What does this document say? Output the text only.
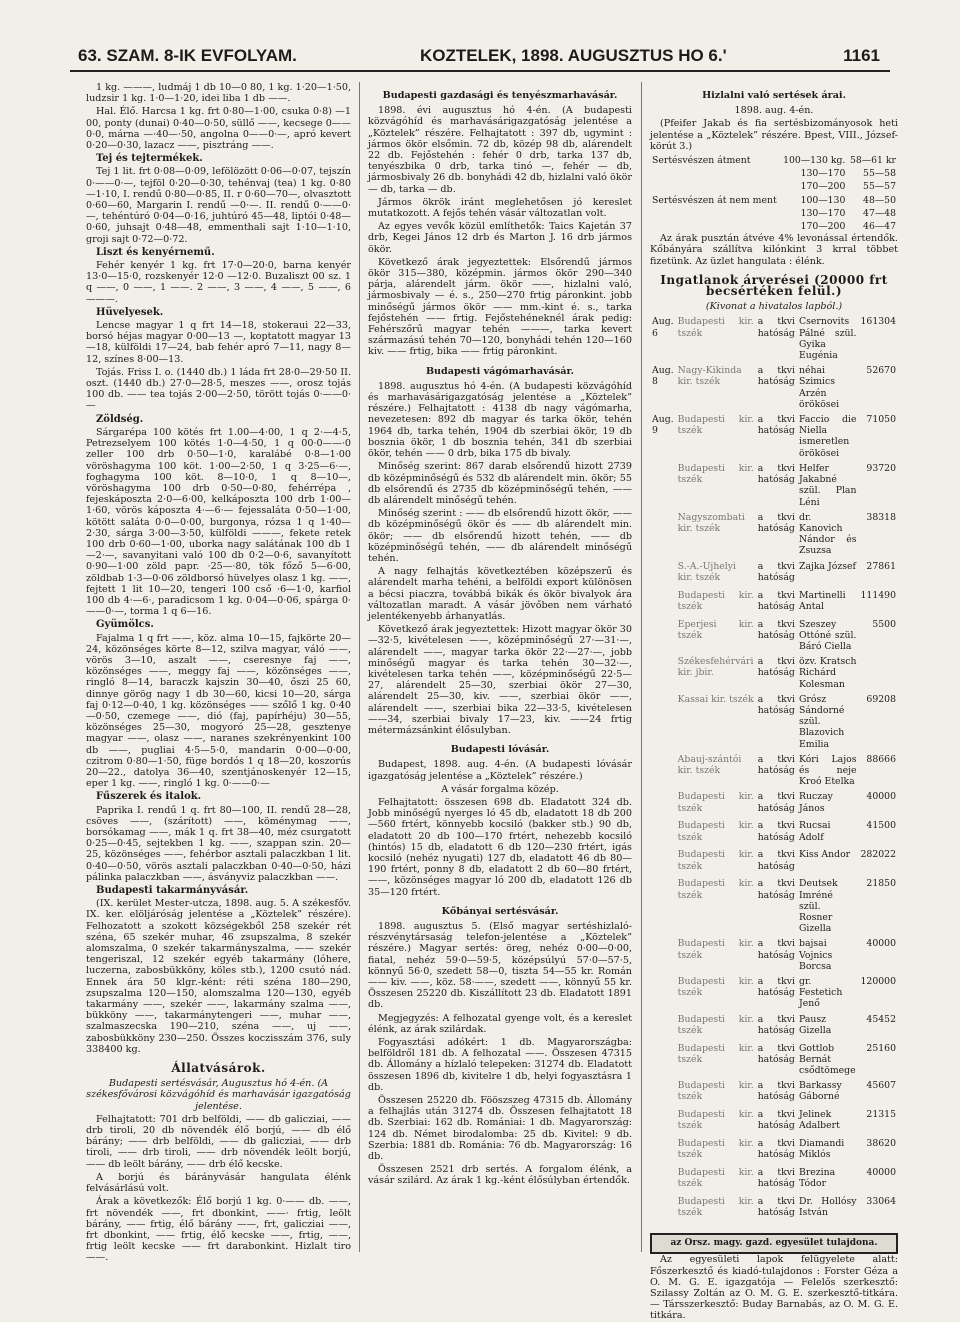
63. SZAM. 8-IK EVFOLYAM.	KOZTELEK, 1898. AUGUSZTUS HO 6.'	1161

1 kg. ———, ludmáj 1 db 10—0 80, 1 kg. 1·20—1·50, ludzsir 1 kg. 1·0—1·20, idei liba 1 db ——.

Hal. Élő. Harcsa 1 kg. frt 0·80—1·00, csuka 0·8) —1 00, ponty (dunai) 0·40—0·50, süllő ——, kecsege 0——0·0, márna —·40—·50, angolna 0——0·—, apró kevert 0·20—0·30, lazacz ——, pisztráng ——.

Tej és tejtermékek.

Tej 1 lit. frt 0·08—0·09, lefölözött 0·06—0·07, tejszín 0·——0·—, tejföl 0·20—0·30, tehénvaj (tea) 1 kg. 0·80—1·10, I. rendű 0·80—0·85, II. r 0·60—70—, olvasztott 0·60—60, Margarin I. rendű —0·—. II. rendű 0·——0·—, tehéntúró 0·04—0·16, juhtúró 45—48, liptói 0·48—0·60, juhsajt 0·48—48, emmenthali sajt 1·10—1·10, groji sajt 0·72—0·72.

Liszt és kenyérnemű.

Fehér kenyér 1 kg. frt 17·0—20·0, barna kenyér 13·0—15·0, rozskenyér 12·0 —12·0. Buzaliszt 00 sz. 1 q ——, 0 ——, 1 ——. 2 ——, 3 ——, 4 ——, 5 ——, 6 ———.

Hüvelyesek.

Lencse magyar 1 q frt 14—18, stokeraui 22—33, borsó héjas magyar 0·00—13 —, koptatott magyar 13—18, külföldi 17—24, bab fehér apró 7—11, nagy 8—12, színes 8·00—13.

Tojás. Friss I. o. (1440 db.) 1 láda frt 28·0—29·50 II. oszt. (1440 db.) 27·0—28·5, meszes ——, orosz tojás 100 db. —— tea tojás 2·00—2·50, törött tojás 0·——0·—

Zöldség.

Sárgarépa 100 kötés frt 1.00—4·00, 1 q 2·—4·5, Petrezselyem 100 kötés 1·0—4·50, 1 q 00·0——·0 zeller 100 drb 0·50—1·0, karalábé 0·8—1·00 vöröshagyma 100 köt. 1·00—2·50, 1 q 3·25—6·—, foghagyma 100 köt. 8—10·0, 1 q 8—10—, vöröshagyma 100 drb 0·50—0·80, fehérrépa , fejeskáposzta 2·0—6·00, kelkáposzta 100 drb 1·00—1·60, vörös káposzta 4·—6·— fejessaláta 0·50—1·00, kötött saláta 0·0—0·00, burgonya, rózsa 1 q 1·40—2·30, sárga 3·00—3·50, külföldi ———, fekete retek 100 drb 0·60—1·00, uborka nagy salátának 100 db 1 —2·—, savanyitani való 100 db 0·2—0·6, savanyított 0·90—1·00 zöld papr. ·25—·80, tök főző 5—6·00, zöldbab 1·3—0·06 zöldborsó hüvelyes olasz 1 kg. ——, fejtett 1 lit 10—20, tengeri 100 cső ·6—1·0, karfiol 100 db 4·—6·, paradicsom 1 kg. 0·04—0·06, spárga 0·——0·—, torma 1 q 6—16.

Gyümölcs.

Fajalma 1 q frt ——, köz. alma 10—15, fajkörte 20—24, közönséges körte 8—12, szilva magyar, váló ——, vörös 3—10, aszalt ——, cseresnye faj ——, közönséges ——, meggy faj ——, közönséges ——, ringló 8—14, baraczk kajszin 30—40, őszi 25 60, dinnye görög nagy 1 db 30—60, kicsi 10—20, sárga faj 0·12—0·40, 1 kg. közönséges —— szőlő 1 kg. 0·40—0·50, czemege ——, dió (faj, papírhéju) 30—55, közönséges 25—30, mogyoró 25—28, gesztenye magyar ——, olasz ——, naranes szekrényenkint 100 db ——, pugliai 4·5—5·0, mandarin 0·00—0·00, czitrom 0·80—1·50, füge bordós 1 q 18—20, koszorús 20—22., datolya 36—40, szentjánoskenyér 12—15, eper 1 kg. ——, ringló 1 kg. 0·——0·—

Fűszerek és italok.

Paprika I. rendű 1 q. frt 80—100, II. rendű 28—28, csöves ——, (szárított) ——, köménymag ——, borsókamag ——, mák 1 q. frt 38—40, méz csurgatott 0·25—0·45, sejtekben 1 kg. ——, szappan szin. 20—25, közönséges ——, fehérbor asztali palaczkban 1 lit. 0·40—0·50, vörös asztali palaczkban 0·40—0·50, házi pálinka palaczkban ——, ásványviz palaczkban ——.

Budapesti takarmányvásár.

(IX. kerület Mester-utcza, 1898. aug. 5. A székesfőv. IX. ker. elöljáróság jelentése a „Köztelek” részére). Felhozatott a szokott községekből 258 szekér rét széna, 65 szekér muhar, 46 zsupszalma, 8 szekér alomszalma, 0 szekér takarmányszalma, —— szekér tengeriszal, 12 szekér egyéb takarmány (lóhere, luczerna, zabosbükköny, köles stb.), 1200 csutó nád. Ennek ára 50 klgr.-ként: réti széna 180—290, zsupszalma 120—150, alomszalma 120—130, egyéb takarmány ——, szekér ——, lakarmány szalma ——, bükköny ——, takarmánytengeri ——, muhar ——, szalmaszecska 190—210, széna ——, uj ——, zabosbükköny 230—250. Összes koczisszám 376, suly 338400 kg.

Állatvásárok.

Budapesti sertésvásár, Augusztus hó 4-én. (A székesfővárosi közvágóhíd és marhavásár igazgatóság jelentése.

Felhajtatott: 701 drb belföldi, —— db galicziai, —— drb tiroli, 20 db növendék élő borjú, —— db élő bárány; —— drb belföldi, —— db galicziai, —— drb tiroli, —— drb tiroli, —— drb növendék leölt borjú, —— db leölt bárány, —— drb élő kecske.

A borjú és bárányvásár hangulata élénk felvásárlású volt.

Árak a következők: Élő borjú 1 kg. 0·—— db. ——, frt növendék ——, frt dbonkint, ——· frtig, leölt bárány, —— frtig, élő bárány ——, frt, galicziai ——, frt dbonkint, —— frtig, élő kecske ——, frtig, ——, frtig leölt kecske —— frt darabonkint. Hizlalt tiro ——.

Budapesti gazdasági és tenyészmarhavásár.

1898. évi augusztus hó 4-én. (A budapesti közvágóhíd és marhavásárigazgatóság jelentése a „Köztelek” részére. Felhajtatott : 397 db, ugymint : jármos ökör elsőmin. 72 db, közép 98 db, alárendelt 22 db. Fejőstehén : fehér 0 drb, tarka 137 db, tenyészbika 0 drb, tarka tinó —, fehér — db, jármosbivaly 26 db. bonyhádi 42 db, hizlalni való ökör — db, tarka — db.

Jármos ökrök iránt meglehetősen jó kereslet mutatkozott. A fejős tehén vásár változatlan volt.

Az egyes vevők közül említhetők: Taics Kajetán 37 drb, Kegei János 12 drb és Marton J. 16 drb jármos ökör.

Következő árak jegyeztettek: Elsőrendű jármos ökör 315—380, középmin. jármos ökör 290—340 párja, alárendelt járm. ökör ——, hizlalni való, jármosbivaly — é. s., 250—270 frtig páronkint. jobb minőségű jármos ökör —— mm.-kint é. s., tarka fejőstehén —— frtig. Fejőstehéneknél árak pedig: Fehérszőrű magyar tehén ———, tarka kevert származású tehén 70—120, bonyhádi tehén 120—160 kiv. —— frtig, bika —— frtig páronkint.

Budapesti vágómarhavásár.

1898. augusztus hó 4-én. (A budapesti közvágóhíd és marhavásárigazgatóság jelentése a „Köztelek” részére.) Felhajtatott : 4138 db nagy vágómarha, nevezetesen: 892 db magyar és tarka ökör, tehén 1964 db, tarka tehén, 1904 db szerbiai ökör, 19 db bosznia ökör, 1 db bosznia tehén, 341 db szerbiai ökör, tehén —— 0 drb, bika 175 db bivaly.

Minőség szerint: 867 darab elsőrendű hizott 2739 db középminőségű és 532 db alárendelt min. ökör; 55 db elsőrendű és 2735 db középminőségű tehén, —— db alárendelt minőségű tehén.

Minőség szerint : —— db elsőrendű hizott ökör, —— db középminőségű ökör és —— db alárendelt min. ökör; —— db elsőrendű hizott tehén, —— db középminőségű tehén, —— db alárendelt minőségű tehén.

A nagy felhajtás következtében középszerű és alárendelt marha tehéni, a belföldi export különösen a bécsi piaczra, továbbá bikák és ökör bivalyok ára változatlan maradt. A vásár jövőben nem várható jelentékenyebb árhanyatlás.

Következő árak jegyeztettek: Hizott magyar ökör 30—32·5, kivételesen ——, középminőségű 27·—31·—, alárendelt ——, magyar tarka ökör 22·—27·—, jobb minőségű magyar és tarka tehén 30—32·—, kivételesen tarka tehén ——, középminőségű 22·5—27, alárendelt 25—30, szerbiai ökör 27—30, alárendelt 25—30, kiv. ——, szerbiai ökör ——, alárendelt ——, szerbiai bika 22—33·5, kivételesen ——34, szerbiai bivaly 17—23, kiv. ——24 frtig métermázsánkint élősulyban.

Budapesti lóvásár.

Budapest, 1898. aug. 4-én. (A budapesti lóvásár igazgatóság jelentése a „Köztelek” részére.)

A vásár forgalma közép.

Felhajtatott: összesen 698 db. Eladatott 324 db. Jobb minőségű nyerges ló 45 db, eladatott 18 db 200—560 frtért, könnyebb kocsiló (bakker stb.) 90 db, eladatott 20 db 100—170 frtért, nehezebb kocsiló (hintós) 15 db, eladatott 6 db 120—230 frtért, igás kocsiló (nehéz nyugati) 127 db, eladatott 46 db 80—190 frtért, ponny 8 db, eladatott 2 db 60—80 frtért, ——, közönséges magyar ló 200 db, eladatott 126 db 35—120 frtért.

Kőbányai sertésvásár.

1898. augusztus 5. (Első magyar sertéshizlaló-részvénytársaság telefon-jelentése a „Köztelek” részére.) Magyar sertés: öreg, nehéz 0·00—0·00, fiatal, nehéz 59·0—59·5, középsúlyú 57·0—57·5, könnyű 56·0, szedett 58—0, tiszta 54—55 kr. Román —— kiv. ——, köz. 58·——, szedett ——, könnyű 55 kr. Összesen 25220 db. Kiszállított 23 db. Eladatott 1891 db.

Megjegyzés: A felhozatal gyenge volt, és a kereslet élénk, az árak szilárdak.

Fogyasztási adókért: 1 db. Magyarországba: belföldről 181 db. A felhozatal ——. Összesen 47315 db. Állomány a hízlaló telepeken: 31274 db. Eladatott összesen 1896 db, kivitelre 1 db, helyi fogyasztásra 1 db.

Összesen 25220 db. Fööszszeg 47315 db. Állomány a felhajlás után 31274 db. Összesen felhajtatott 18 db. Szerbiai: 162 db. Romániai: 1 db. Magyarország: 124 db. Német birodalomba: 25 db. Kivitel: 9 db. Szerbia: 1881 db. Románia: 76 db. Magyarország: 16 db.

Összesen 2521 drb sertés. A forgalom élénk, a vásár szilárd. Az árak 1 kg.-ként élősúlyban értendők.

Hizlalni való sertések árai.

1898. aug. 4-én.

(Pfeifer Jakab és fia sertésbizományosok heti jelentése a „Köztelek” részére. Bpest, VIII., József-körút 3.)

Sertésvészen átment	100—130 kg.	58—61 kr
	130—170	55—58
	170—200	55—57
Sertésvészen át nem ment	100—130	48—50
	130—170	47—48
	170—200	46—47

Az árak pusztán átvéve 4% levonással értendők. Kőbányára szállítva kilónkint 3 krral többet fizetünk. Az üzlet hangulata : élénk.

Ingatlanok árverései (20000 frt becsértéken felül.)

(Kivonat a hivatalos lapból.)

Aug. 6	Budapesti kir. tszék	a tkvi hatóság	Csernovits Pálné szül. Gyika Eugénia	161304
Aug. 8	Nagy-Kikinda kir. tszék	a tkvi hatóság	néhai Szimics Arzén örökösei	52670
Aug. 9	Budapesti kir. tszék	a tkvi hatóság	Faccio die Niella ismeretlen örökösei	71050
	Budapesti kir. tszék	a tkvi hatóság	Helfer Jakabné szül. Plan Léni	93720
	Nagyszombati kir. tszék	a tkvi hatóság	dr. Kanovich Nándor és Zsuzsa	38318
	S.-A.-Ujhelyi kir. tszék	a tkvi hatóság	Zajka József	27861
	Budapesti kir. tszék	a tkvi hatóság	Martinelli Antal	111490
	Eperjesi kir. tszék	a tkvi hatóság	Szeszey Ottóné szül. Báró Ciella	5500
	Székesfehérvári kir. jbir.	a tkvi hatóság	özv. Kratsch Richárd Kolesman	
	Kassai kir. tszék	a tkvi hatóság	Grósz Sándorné szül. Blazovich Emilia	69208
	Abauj-szántói kir. tszék	a tkvi hatóság	Kóri Lajos és neje Kroó Etelka	88666
	Budapesti kir. tszék	a tkvi hatóság	Ruczay János	40000
	Budapesti kir. tszék	a tkvi hatóság	Rucsai Adolf	41500
	Budapesti kir. tszék	a tkvi hatóság	Kiss Andor	282022
	Budapesti kir. tszék	a tkvi hatóság	Deutsek Imréné szül. Rosner Gizella	21850
	Budapesti kir. tszék	a tkvi hatóság	bajsai Vojnics Borcsa	40000
	Budapesti kir. tszék	a tkvi hatóság	gr. Festetich Jenő	120000
	Budapesti kir. tszék	a tkvi hatóság	Pausz Gizella	45452
	Budapesti kir. tszék	a tkvi hatóság	Gottlob Bernát csődtömege	25160
	Budapesti kir. tszék	a tkvi hatóság	Barkassy Gáborné	45607
	Budapesti kir. tszék	a tkvi hatóság	Jelinek Adalbert	21315
	Budapesti kir. tszék	a tkvi hatóság	Diamandi Miklós	38620
	Budapesti kir. tszék	a tkvi hatóság	Brezina Tódor	40000
	Budapesti kir. tszék	a tkvi hatóság	Dr. Hollósy István	33064
az Orsz. magy. gazd. egyesület tulajdona.

Az egyesületi lapok felügyelete alatt: Főszerkesztő és kiadó-tulajdonos : Forster Géza a O. M. G. E. igazgatója — Felelős szerkesztő: Szilassy Zoltán az O. M. G. E. szerkesztő-titkára. — Társszerkesztő: Buday Barnabás, az O. M. G. E. titkára.
